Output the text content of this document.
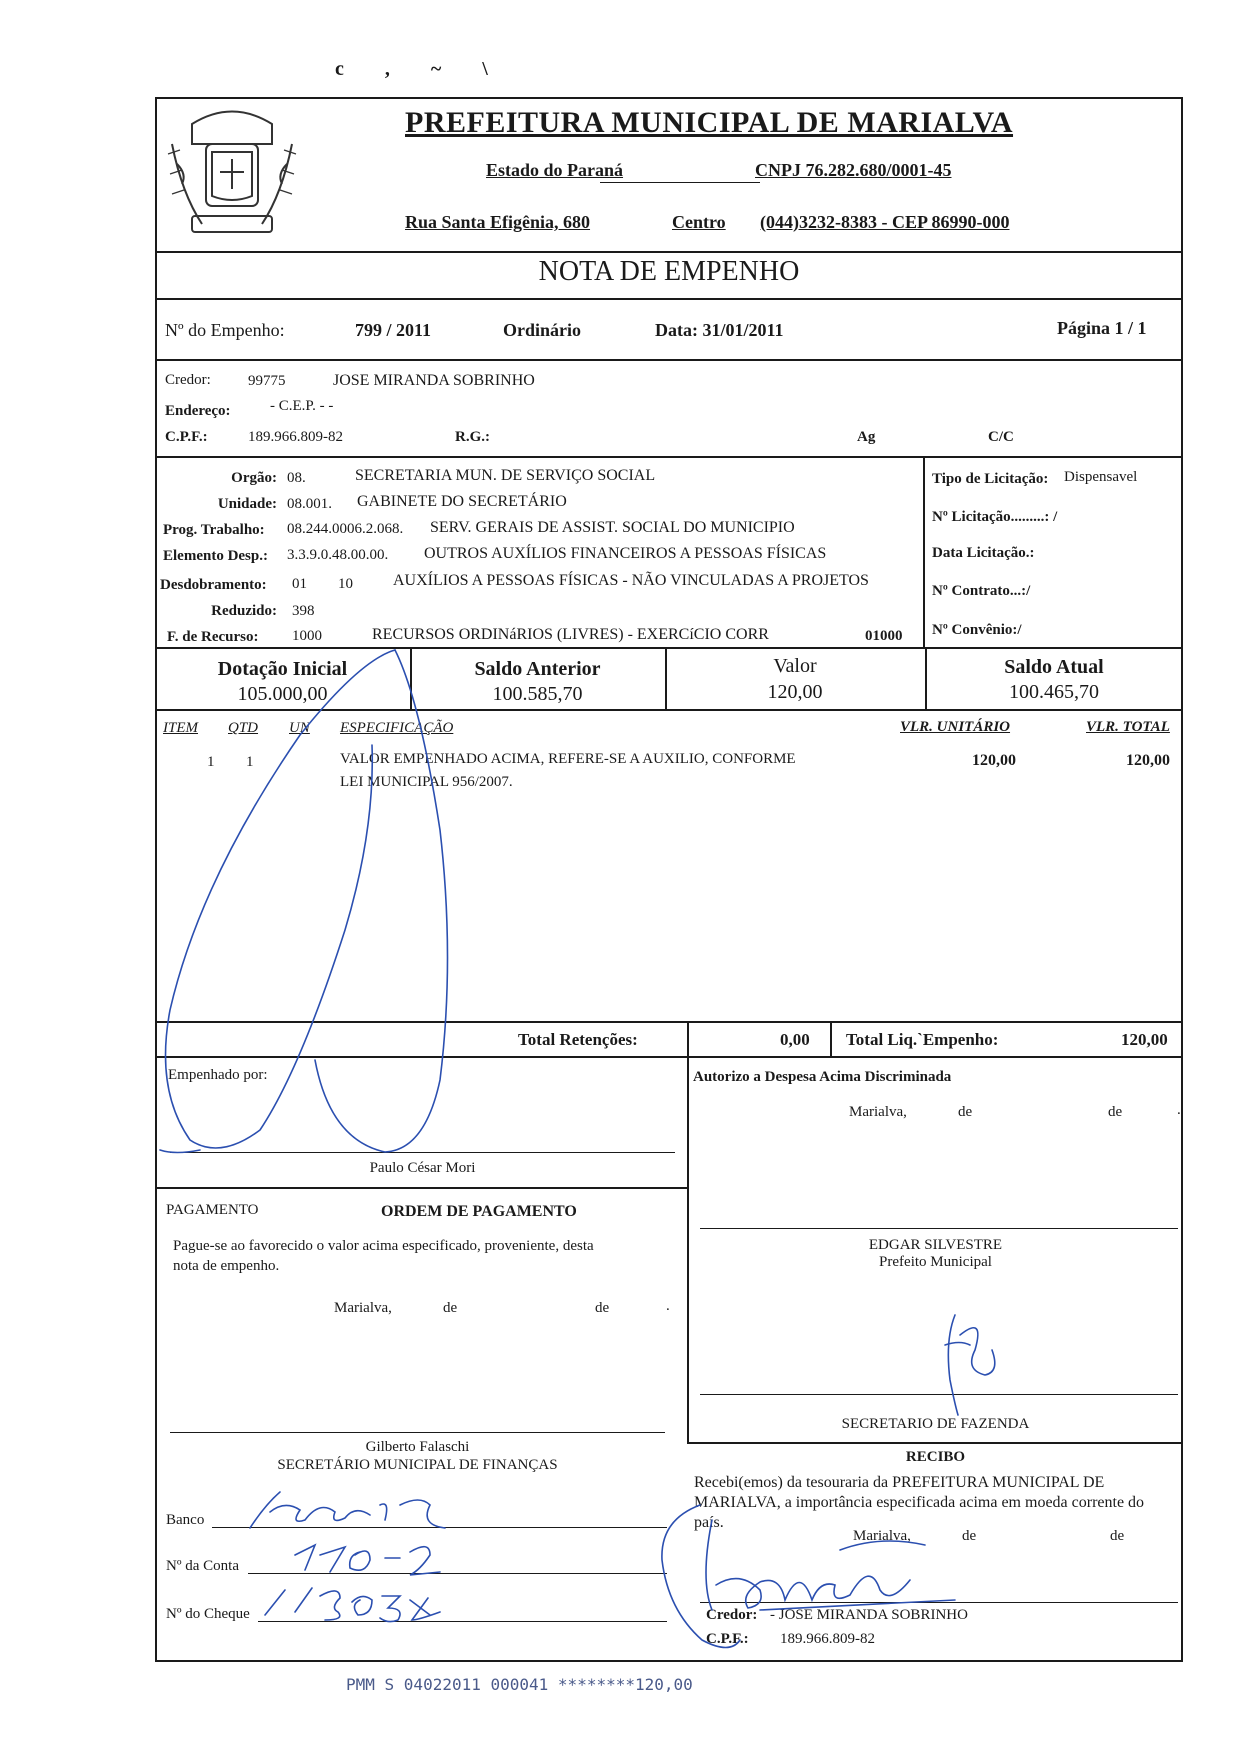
c , ~ \
PREFEITURA MUNICIPAL DE MARIALVA
Estado do Paraná	CNPJ 76.282.680/0001-45
Rua Santa Efigênia, 680	Centro (044)3232-8383 - CEP 86990-000
NOTA DE EMPENHO
Nº do Empenho:	799 / 2011	Ordinário	Data: 31/01/2011	Página 1 / 1
Credor: 99775	JOSE MIRANDA SOBRINHO
Endereço:	- C.E.P. - -
C.P.F.:	189.966.809-82	R.G.:	Ag	C/C
Orgão: 08.	SECRETARIA MUN. DE SERVIÇO SOCIAL
Unidade: 08.001. GABINETE DO SECRETÁRIO
Prog. Trabalho: 08.244.0006.2.068. SERV. GERAIS DE ASSIST. SOCIAL DO MUNICIPIO
Elemento Desp.: 3.3.9.0.48.00.00. OUTROS AUXÍLIOS FINANCEIROS A PESSOAS FÍSICAS
Desdobramento: 01 10	AUXÍLIOS A PESSOAS FÍSICAS - NÃO VINCULADAS A PROJETOS
Reduzido: 398
F. de Recurso: 1000	RECURSOS ORDINáRIOS (LIVRES) - EXERCíCIO CORR	01000
Tipo de Licitação: Dispensavel
Nº Licitação.........: /
Data Licitação.:
Nº Contrato...:/
Nº Convênio:/
Dotação Inicial
105.000,00
Saldo Anterior
100.585,70
Valor
120,00
Saldo Atual
100.465,70
ITEM QTD UN ESPECIFICAÇÃO	VLR. UNITÁRIO	VLR. TOTAL
1 1	VALOR EMPENHADO ACIMA, REFERE-SE A AUXILIO, CONFORME
LEI MUNICIPAL 956/2007.
120,00	120,00
Total Retenções:	0,00 Total Liq.`Empenho:	120,00
Empenhado por:
Paulo César Mori
Autorizo a Despesa Acima Discriminada
Marialva,	de	de	.
EDGAR SILVESTRE
Prefeito Municipal
PAGAMENTO	ORDEM DE PAGAMENTO
Pague-se ao favorecido o valor acima especificado, proveniente, desta
nota de empenho.
Marialva,	de	de	.
Gilberto Falaschi
SECRETÁRIO MUNICIPAL DE FINANÇAS
SECRETARIO DE FAZENDA
Banco
Nº da Conta
Nº do Cheque
RECIBO
Recebi(emos) da tesouraria da PREFEITURA MUNICIPAL DE
MARIALVA, a importância especificada acima em moeda corrente do
país.
Marialva,	de	de
Credor: - JOSE MIRANDA SOBRINHO
C.P.F.: 189.966.809-82
PMM S 04022011 000041 ********120,00
